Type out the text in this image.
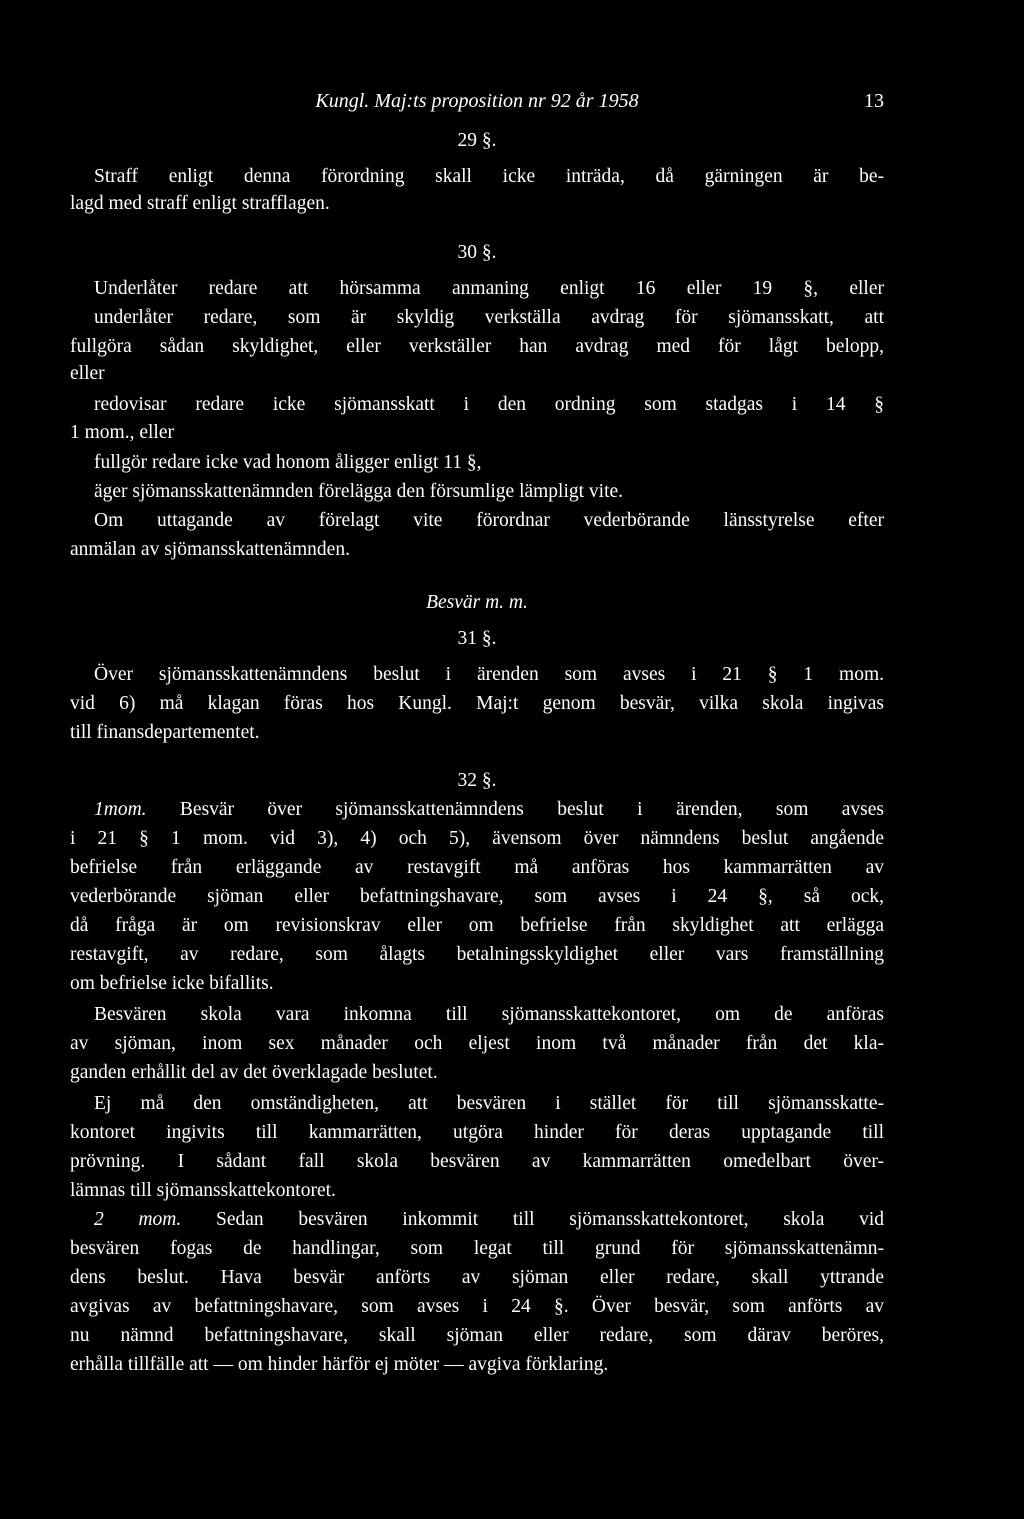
Kungl. Maj:ts proposition nr 92 år 1958	13
29 §.
Straff enligt denna förordning skall icke inträda, då gärningen är be-
lagd med straff enligt strafflagen.
30 §.
Underlåter redare att hörsamma anmaning enligt 16 eller 19 §, eller
underlåter redare, som är skyldig verkställa avdrag för sjömansskatt, att
fullgöra sådan skyldighet, eller verkställer han avdrag med för lågt belopp,
eller
redovisar redare icke sjömansskatt i den ordning som stadgas i 14 §
1 mom., eller
fullgör redare icke vad honom åligger enligt 11 §,
äger sjömansskattenämnden förelägga den försumlige lämpligt vite.
Om uttagande av förelagt vite förordnar vederbörande länsstyrelse efter
anmälan av sjömansskattenämnden.
Besvär m. m.
31 §.
Över sjömansskattenämndens beslut i ärenden som avses i 21 § 1 mom.
vid 6) må klagan föras hos Kungl. Maj:t genom besvär, vilka skola ingivas
till finansdepartementet.
32 §.
1mom. Besvär över sjömansskattenämndens beslut i ärenden, som avses
i 21 § 1 mom. vid 3), 4) och 5), ävensom över nämndens beslut angående
befrielse från erläggande av restavgift må anföras hos kammarrätten av
vederbörande sjöman eller befattningshavare, som avses i 24 §, så ock,
då fråga är om revisionskrav eller om befrielse från skyldighet att erlägga
restavgift, av redare, som ålagts betalningsskyldighet eller vars framställning
om befrielse icke bifallits.
Besvären skola vara inkomna till sjömansskattekontoret, om de anföras
av sjöman, inom sex månader och eljest inom två månader från det kla-
ganden erhållit del av det överklagade beslutet.
Ej må den omständigheten, att besvären i stället för till sjömansskatte-
kontoret ingivits till kammarrätten, utgöra hinder för deras upptagande till
prövning. I sådant fall skola besvären av kammarrätten omedelbart över-
lämnas till sjömansskattekontoret.
2 mom. Sedan besvären inkommit till sjömansskattekontoret, skola vid
besvären fogas de handlingar, som legat till grund för sjömansskattenämn-
dens beslut. Hava besvär anförts av sjöman eller redare, skall yttrande
avgivas av befattningshavare, som avses i 24 §. Över besvär, som anförts av
nu nämnd befattningshavare, skall sjöman eller redare, som därav beröres,
erhålla tillfälle att — om hinder härför ej möter — avgiva förklaring.
